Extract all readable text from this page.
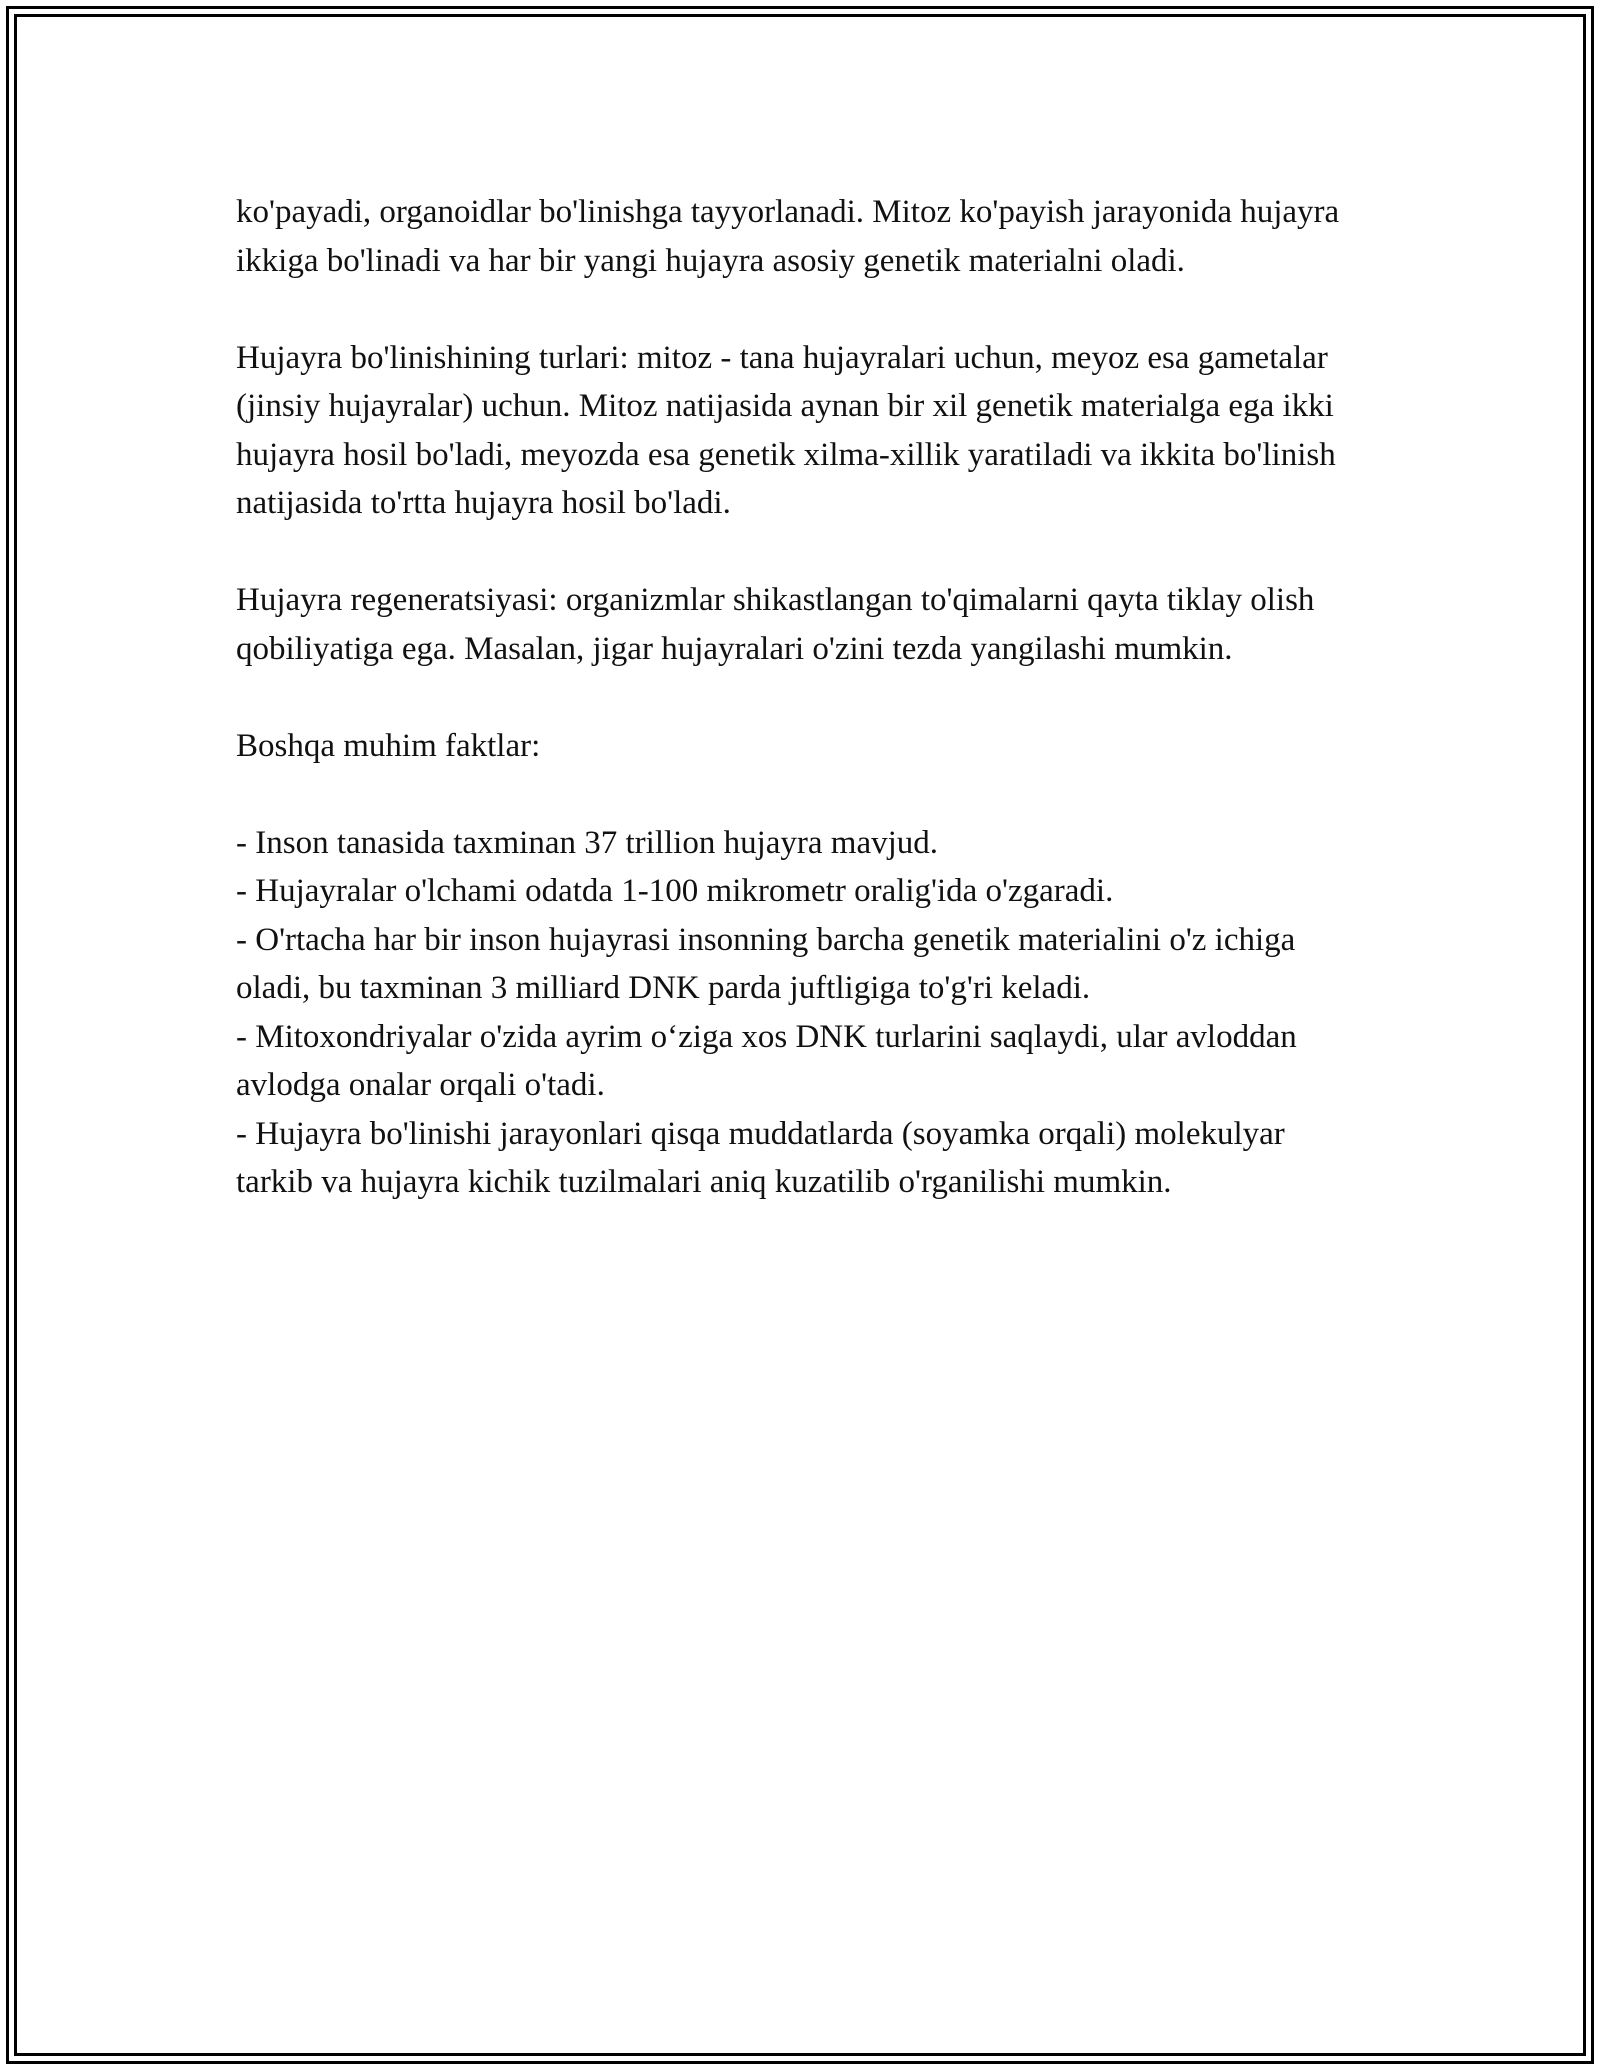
ko'payadi, organoidlar bo'linishga tayyorlanadi. Mitoz ko'payish jarayonida hujayra ikkiga bo'linadi va har bir yangi hujayra asosiy genetik materialni oladi.

Hujayra bo'linishining turlari: mitoz - tana hujayralari uchun, meyoz esa gametalar (jinsiy hujayralar) uchun. Mitoz natijasida aynan bir xil genetik materialga ega ikki hujayra hosil bo'ladi, meyozda esa genetik xilma-xillik yaratiladi va ikkita bo'linish natijasida to'rtta hujayra hosil bo'ladi.

Hujayra regeneratsiyasi: organizmlar shikastlangan to'qimalarni qayta tiklay olish qobiliyatiga ega. Masalan, jigar hujayralari o'zini tezda yangilashi mumkin.

Boshqa muhim faktlar:

- Inson tanasida taxminan 37 trillion hujayra mavjud.
- Hujayralar o'lchami odatda 1-100 mikrometr oralig'ida o'zgaradi.
- O'rtacha har bir inson hujayrasi insonning barcha genetik materialini o'z ichiga oladi, bu taxminan 3 milliard DNK parda juftligiga to'g'ri keladi.
- Mitoxondriyalar o'zida ayrim o‘ziga xos DNK turlarini saqlaydi, ular avloddan avlodga onalar orqali o'tadi.
- Hujayra bo'linishi jarayonlari qisqa muddatlarda (soyamka orqali) molekulyar tarkib va hujayra kichik tuzilmalari aniq kuzatilib o'rganilishi mumkin.
